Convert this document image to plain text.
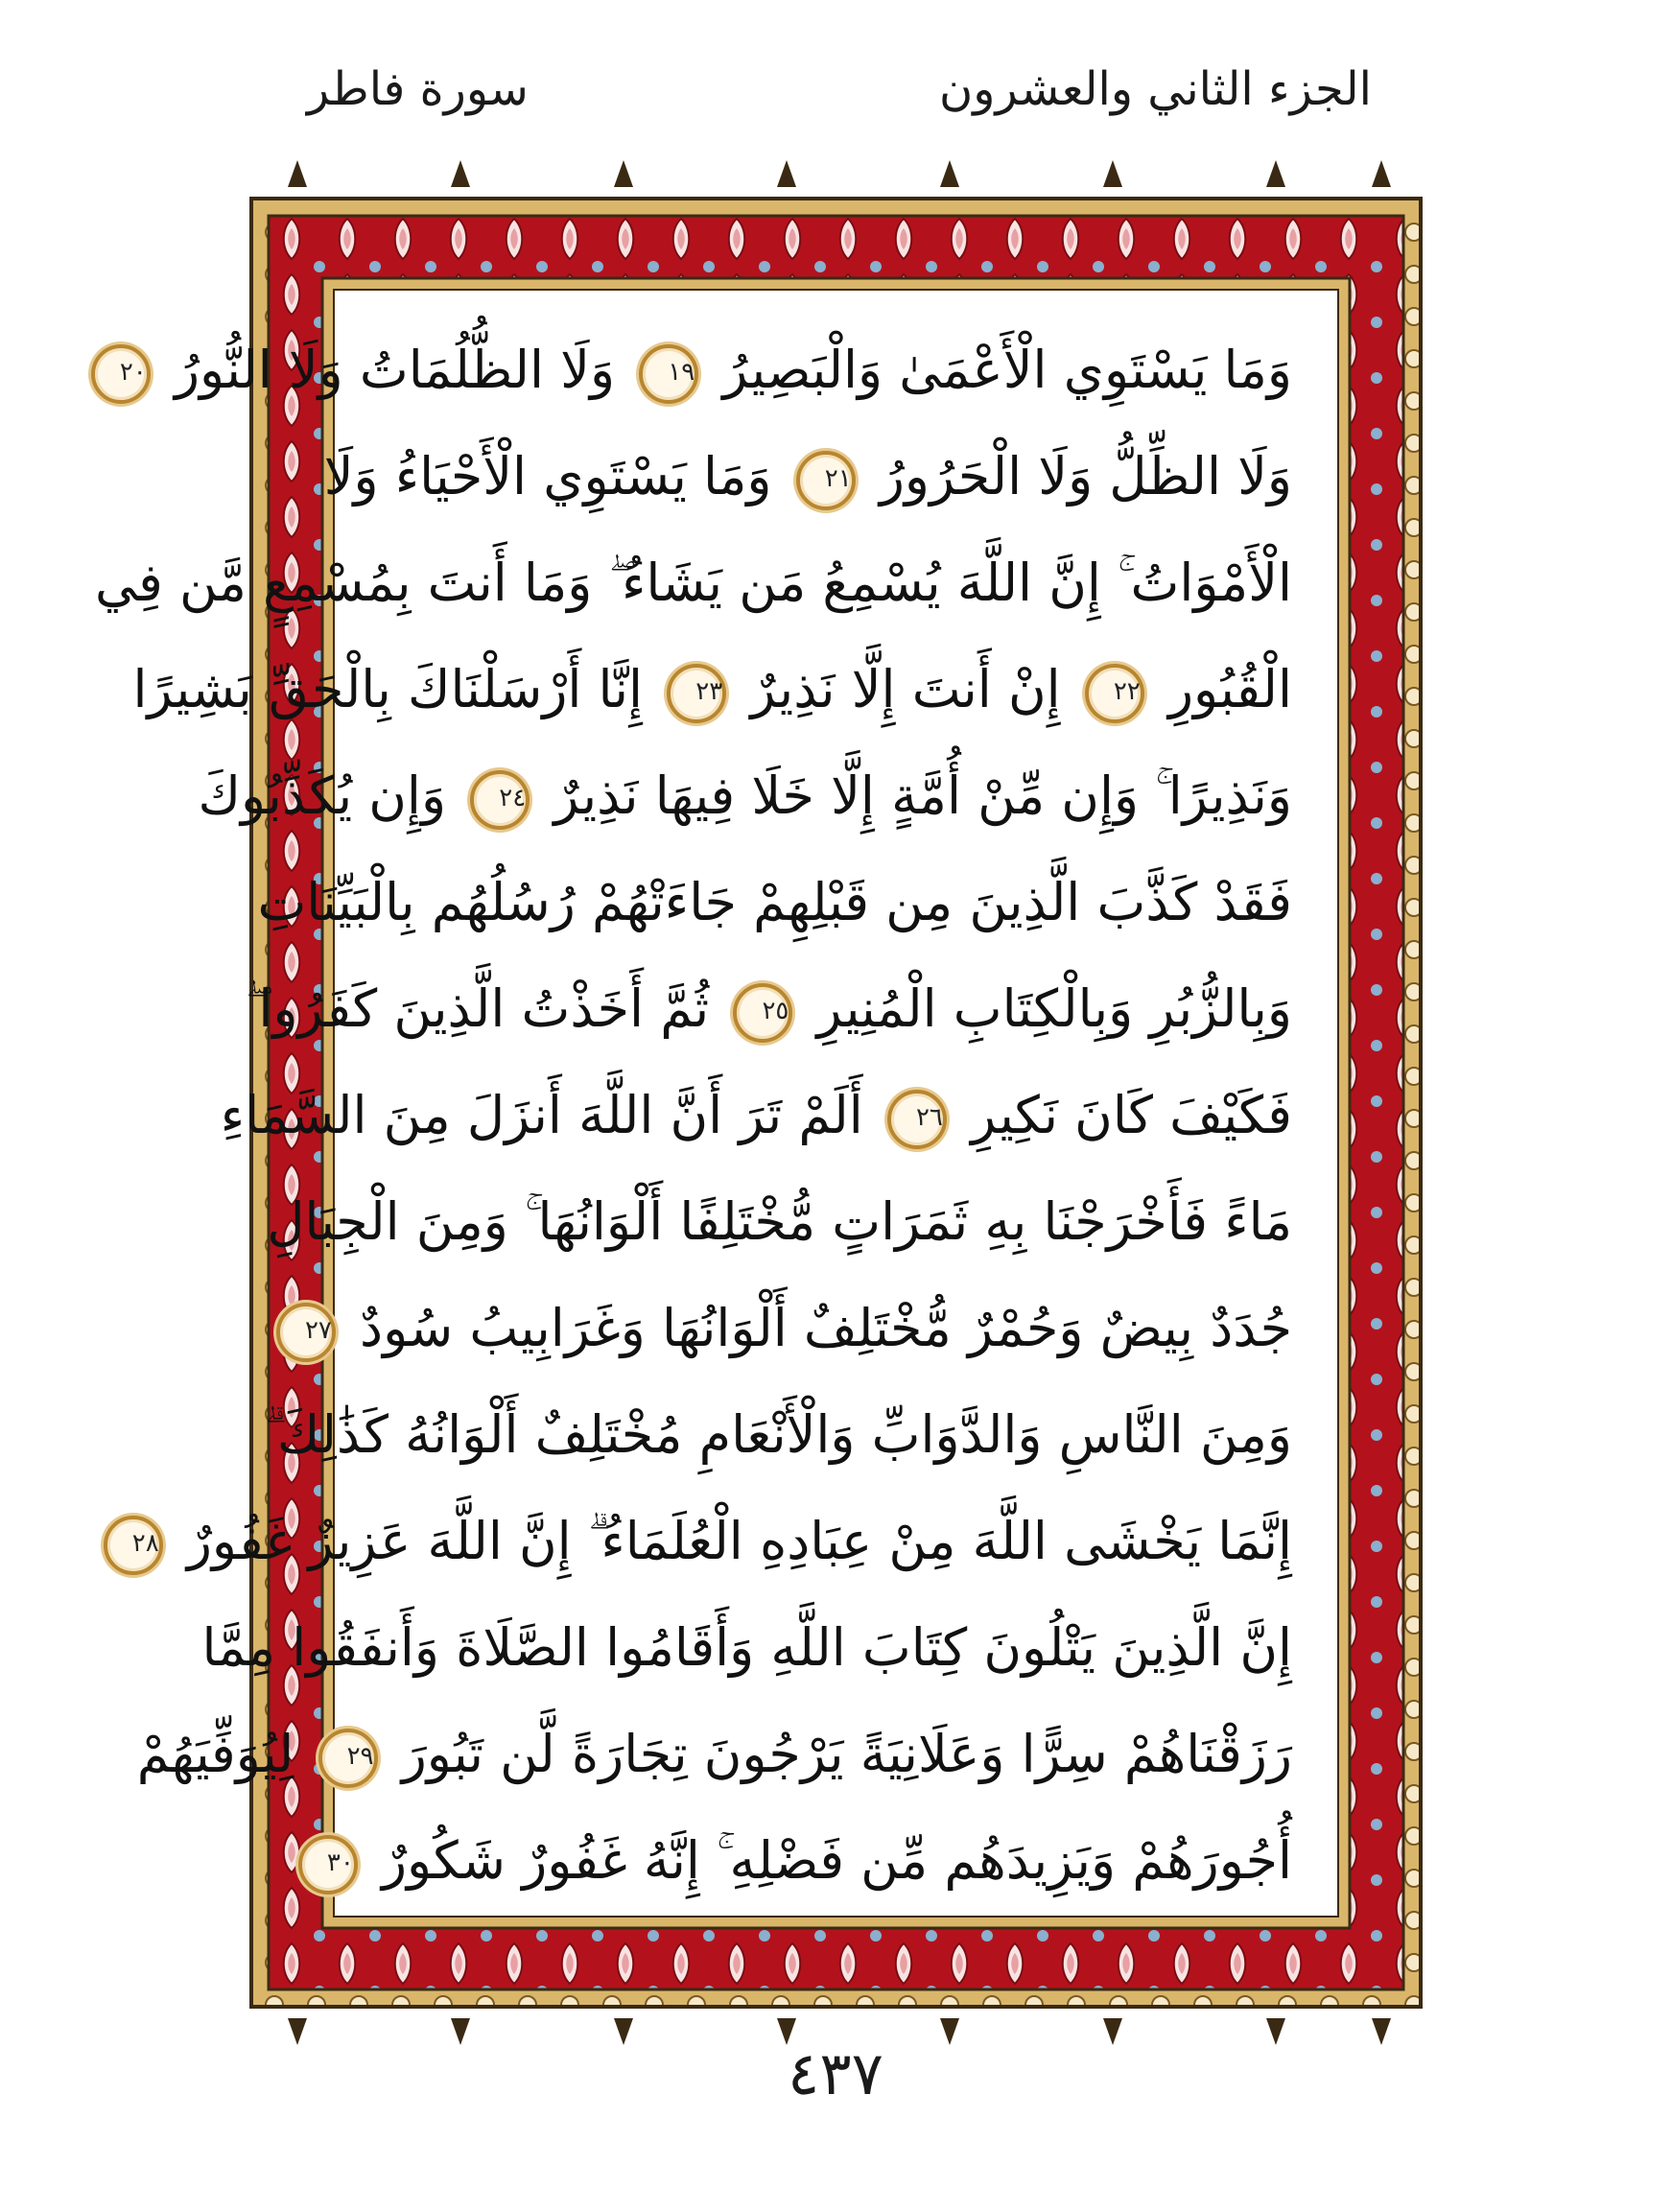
الجزء الثاني والعشرون
سورة فاطر
وَمَا يَسْتَوِي الْأَعْمَىٰ وَالْبَصِيرُ ١٩ وَلَا الظُّلُمَاتُ وَلَا النُّورُ ٢٠
وَلَا الظِّلُّ وَلَا الْحَرُورُ ٢١ وَمَا يَسْتَوِي الْأَحْيَاءُ وَلَا
الْأَمْوَاتُ ۚ إِنَّ اللَّهَ يُسْمِعُ مَن يَشَاءُ ۖ وَمَا أَنتَ بِمُسْمِعٍ مَّن فِي
الْقُبُورِ ٢٢ إِنْ أَنتَ إِلَّا نَذِيرٌ ٢٣ إِنَّا أَرْسَلْنَاكَ بِالْحَقِّ بَشِيرًا
وَنَذِيرًا ۚ وَإِن مِّنْ أُمَّةٍ إِلَّا خَلَا فِيهَا نَذِيرٌ ٢٤ وَإِن يُكَذِّبُوكَ
فَقَدْ كَذَّبَ الَّذِينَ مِن قَبْلِهِمْ جَاءَتْهُمْ رُسُلُهُم بِالْبَيِّنَاتِ
وَبِالزُّبُرِ وَبِالْكِتَابِ الْمُنِيرِ ٢٥ ثُمَّ أَخَذْتُ الَّذِينَ كَفَرُوا ۖ
فَكَيْفَ كَانَ نَكِيرِ ٢٦ أَلَمْ تَرَ أَنَّ اللَّهَ أَنزَلَ مِنَ السَّمَاءِ
مَاءً فَأَخْرَجْنَا بِهِ ثَمَرَاتٍ مُّخْتَلِفًا أَلْوَانُهَا ۚ وَمِنَ الْجِبَالِ
جُدَدٌ بِيضٌ وَحُمْرٌ مُّخْتَلِفٌ أَلْوَانُهَا وَغَرَابِيبُ سُودٌ ٢٧
وَمِنَ النَّاسِ وَالدَّوَابِّ وَالْأَنْعَامِ مُخْتَلِفٌ أَلْوَانُهُ كَذَٰلِكَ ۗ
إِنَّمَا يَخْشَى اللَّهَ مِنْ عِبَادِهِ الْعُلَمَاءُ ۗ إِنَّ اللَّهَ عَزِيزٌ غَفُورٌ ٢٨
إِنَّ الَّذِينَ يَتْلُونَ كِتَابَ اللَّهِ وَأَقَامُوا الصَّلَاةَ وَأَنفَقُوا مِمَّا
رَزَقْنَاهُمْ سِرًّا وَعَلَانِيَةً يَرْجُونَ تِجَارَةً لَّن تَبُورَ ٢٩ لِيُوَفِّيَهُمْ
أُجُورَهُمْ وَيَزِيدَهُم مِّن فَضْلِهِ ۚ إِنَّهُ غَفُورٌ شَكُورٌ ٣٠
٤٣٧
